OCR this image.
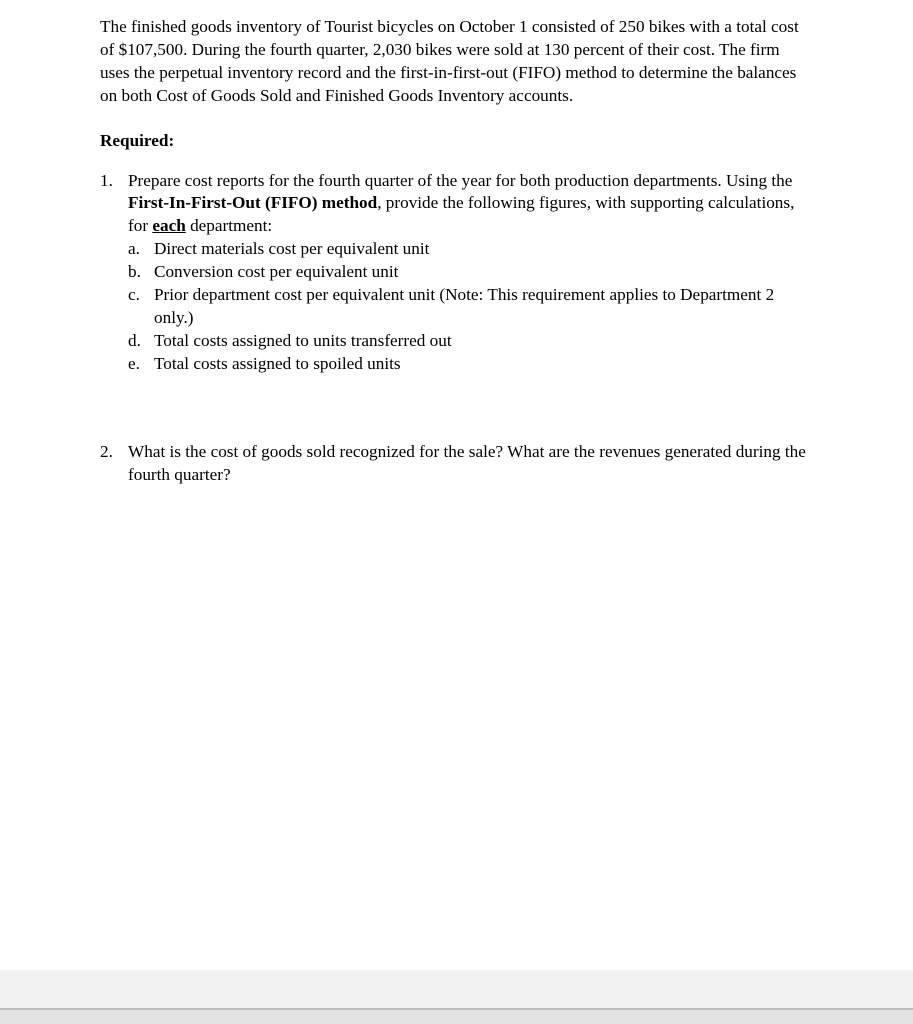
The finished goods inventory of Tourist bicycles on October 1 consisted of 250 bikes with a total cost of $107,500. During the fourth quarter, 2,030 bikes were sold at 130 percent of their cost. The firm uses the perpetual inventory record and the first-in-first-out (FIFO) method to determine the balances on both Cost of Goods Sold and Finished Goods Inventory accounts.

Required:

1. Prepare cost reports for the fourth quarter of the year for both production departments. Using the First-In-First-Out (FIFO) method, provide the following figures, with supporting calculations, for each department:
a. Direct materials cost per equivalent unit
b. Conversion cost per equivalent unit
c. Prior department cost per equivalent unit (Note: This requirement applies to Department 2 only.)
d. Total costs assigned to units transferred out
e. Total costs assigned to spoiled units
2. What is the cost of goods sold recognized for the sale? What are the revenues generated during the fourth quarter?
